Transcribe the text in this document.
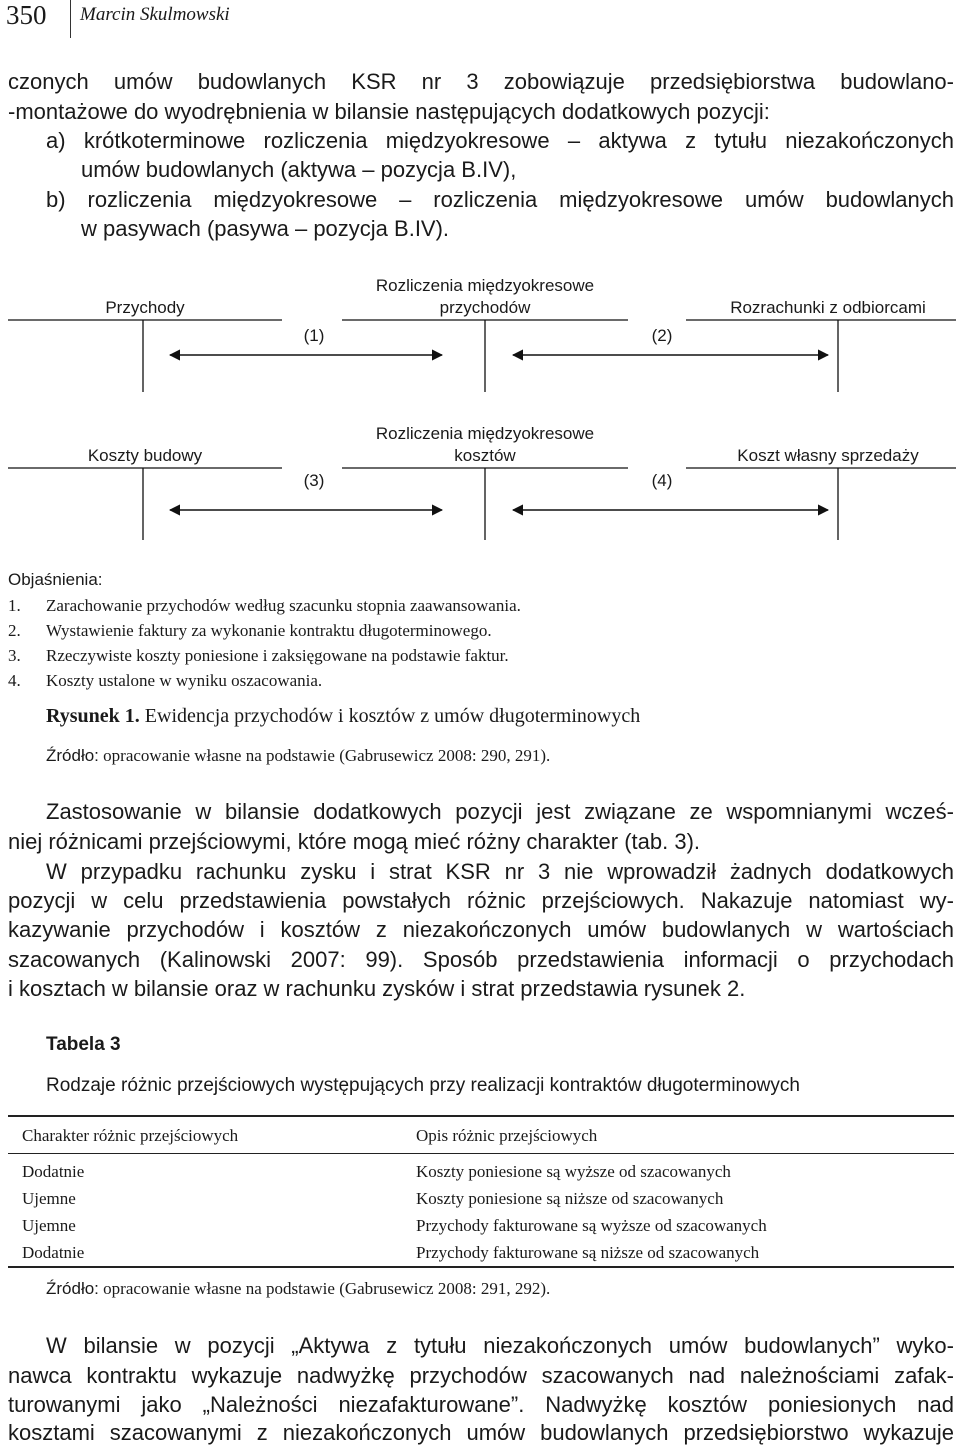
350 Marcin Skulmowski
czonych umów budowlanych KSR nr 3 zobowiązuje przedsiębiorstwa budowlano-
-montażowe do wyodrębnienia w bilansie następujących dodatkowych pozycji:
a) krótkoterminowe rozliczenia międzyokresowe – aktywa z tytułu niezakończonych
umów budowlanych (aktywa – pozycja B.IV),
b) rozliczenia międzyokresowe – rozliczenia międzyokresowe umów budowlanych
w pasywach (pasywa – pozycja B.IV).
Przychody
Rozliczenia międzyokresowe
przychodów	Rozrachunki z odbiorcami
(1)	(2)
Koszty budowy
Rozliczenia międzyokresowe
kosztów	Koszt własny sprzedaży
(3)	(4)
Objaśnienia:
1. Zarachowanie przychodów według szacunku stopnia zaawansowania.
2. Wystawienie faktury za wykonanie kontraktu długoterminowego.
3. Rzeczywiste koszty poniesione i zaksięgowane na podstawie faktur.
4. Koszty ustalone w wyniku oszacowania.
Rysunek 1. Ewidencja przychodów i kosztów z umów długoterminowych
Źródło: opracowanie własne na podstawie (Gabrusewicz 2008: 290, 291).
Zastosowanie w bilansie dodatkowych pozycji jest związane ze wspomnianymi wcześ-
niej różnicami przejściowymi, które mogą mieć różny charakter (tab. 3).
W przypadku rachunku zysku i strat KSR nr 3 nie wprowadził żadnych dodatkowych
pozycji w celu przedstawienia powstałych różnic przejściowych. Nakazuje natomiast wy-
kazywanie przychodów i kosztów z niezakończonych umów budowlanych w wartościach
szacowanych (Kalinowski 2007: 99). Sposób przedstawienia informacji o przychodach
i kosztach w bilansie oraz w rachunku zysków i strat przedstawia rysunek 2.
Tabela 3
Rodzaje różnic przejściowych występujących przy realizacji kontraktów długoterminowych
Charakter różnic przejściowych	Opis różnic przejściowych
Dodatnie	Koszty poniesione są wyższe od szacowanych
Ujemne	Koszty poniesione są niższe od szacowanych
Ujemne	Przychody fakturowane są wyższe od szacowanych
Dodatnie	Przychody fakturowane są niższe od szacowanych
Źródło: opracowanie własne na podstawie (Gabrusewicz 2008: 291, 292).
W bilansie w pozycji „Aktywa z tytułu niezakończonych umów budowlanych” wyko-
nawca kontraktu wykazuje nadwyżkę przychodów szacowanych nad należnościami zafak-
turowanymi jako „Należności niezafakturowane”. Nadwyżkę kosztów poniesionych nad
kosztami szacowanymi z niezakończonych umów budowlanych przedsiębiorstwo wykazuje
